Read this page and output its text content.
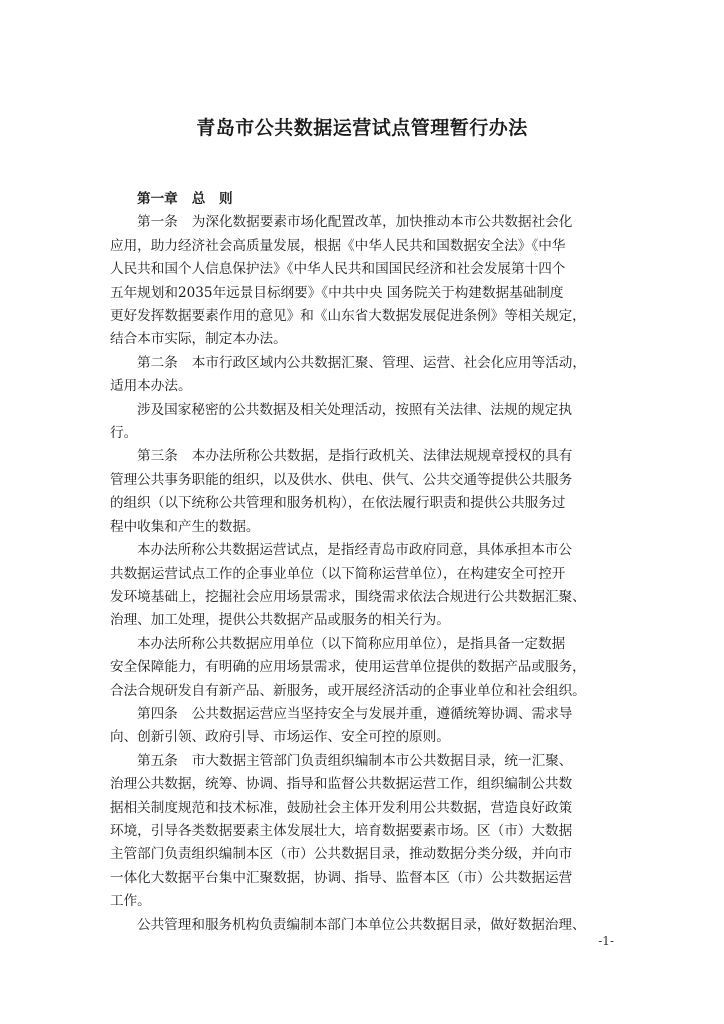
青岛市公共数据运营试点管理暂行办法

第一章 总　则

第一条 为深化数据要素市场化配置改革，加快推动本市公共数据社会化

应用，助力经济社会高质量发展，根据《中华人民共和国数据安全法》《中华

人民共和国个人信息保护法》《中华人民共和国国民经济和社会发展第十四个

五年规划和2035年远景目标纲要》《中共中央 国务院关于构建数据基础制度

更好发挥数据要素作用的意见》和《山东省大数据发展促进条例》等相关规定，

结合本市实际，制定本办法。

第二条 本市行政区域内公共数据汇聚、管理、运营、社会化应用等活动，

适用本办法。

涉及国家秘密的公共数据及相关处理活动，按照有关法律、法规的规定执

行。

第三条 本办法所称公共数据，是指行政机关、法律法规规章授权的具有

管理公共事务职能的组织，以及供水、供电、供气、公共交通等提供公共服务

的组织（以下统称公共管理和服务机构），在依法履行职责和提供公共服务过

程中收集和产生的数据。

本办法所称公共数据运营试点，是指经青岛市政府同意，具体承担本市公

共数据运营试点工作的企事业单位（以下简称运营单位），在构建安全可控开

发环境基础上，挖掘社会应用场景需求，围绕需求依法合规进行公共数据汇聚、

治理、加工处理，提供公共数据产品或服务的相关行为。

本办法所称公共数据应用单位（以下简称应用单位），是指具备一定数据

安全保障能力，有明确的应用场景需求，使用运营单位提供的数据产品或服务，

合法合规研发自有新产品、新服务，或开展经济活动的企事业单位和社会组织。

第四条 公共数据运营应当坚持安全与发展并重，遵循统筹协调、需求导

向、创新引领、政府引导、市场运作、安全可控的原则。

第五条 市大数据主管部门负责组织编制本市公共数据目录，统一汇聚、

治理公共数据，统筹、协调、指导和监督公共数据运营工作，组织编制公共数

据相关制度规范和技术标准，鼓励社会主体开发利用公共数据，营造良好政策

环境，引导各类数据要素主体发展壮大，培育数据要素市场。区（市）大数据

主管部门负责组织编制本区（市）公共数据目录，推动数据分类分级，并向市

一体化大数据平台集中汇聚数据，协调、指导、监督本区（市）公共数据运营

工作。

公共管理和服务机构负责编制本部门本单位公共数据目录，做好数据治理、

-1-
